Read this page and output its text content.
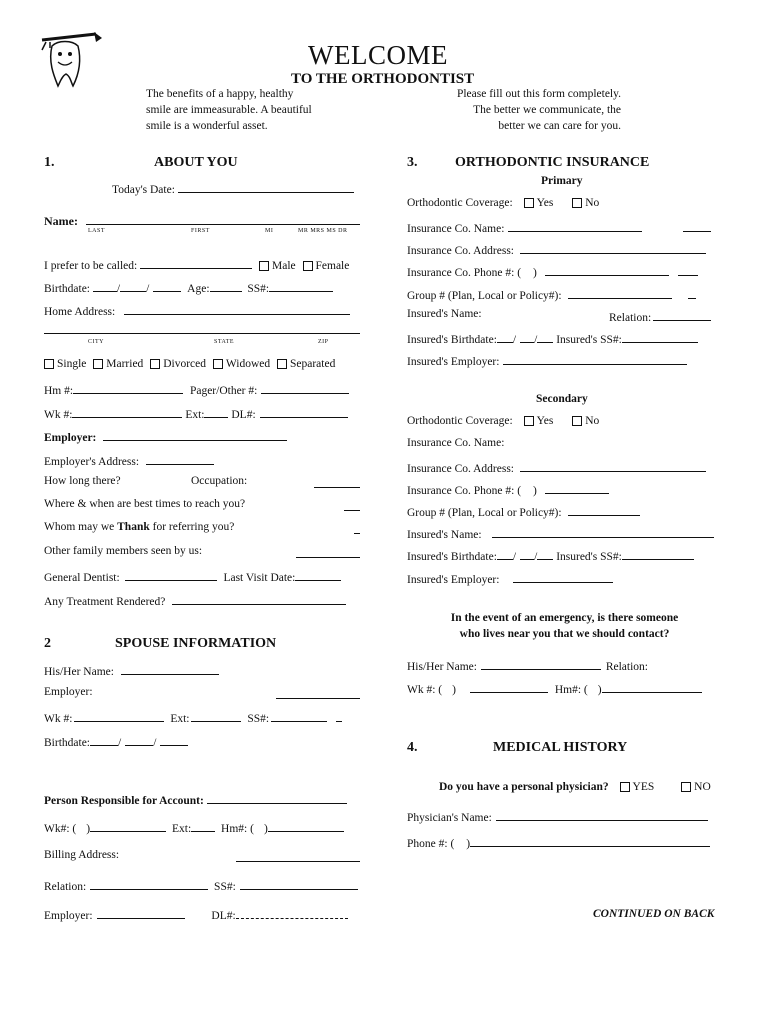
WELCOME
TO THE ORTHODONTIST
The benefits of a happy, healthy
smile are immeasurable. A beautiful
smile is a wonderful asset.
Please fill out this form completely.
The better we communicate, the
better we can care for you.
1.	ABOUT YOU
Today's Date:
Name:
LAST	FIRST	MI	MR MRS MS DR
I prefer to be called:	Male Female
Birthdate: / /	Age:	SS#:
Home Address:
CITY	STATE	ZIP
Single Married Divorced Widowed Separated
Hm #:	Pager/Other #:
Wk #:	Ext: DL#:
Employer:
Employer's Address:
How long there?	Occupation:
Where & when are best times to reach you?
Whom may we Thank for referring you?
Other family members seen by us:
General Dentist:	Last Visit Date:
Any Treatment Rendered?
2	SPOUSE INFORMATION
His/Her Name:
Employer:
Wk #:	Ext:	SS#:
Birthdate: /	/
Person Responsible for Account:
Wk#: ( )	Ext:	Hm#: ( )
Billing Address:
Relation:	SS#:
Employer:	DL#:
3.	ORTHODONTIC INSURANCE
Primary
Orthodontic Coverage: Yes	No
Insurance Co. Name:
Insurance Co. Address:
Insurance Co. Phone #: ( )
Group # (Plan, Local or Policy#):
Insured's Name:	Relation:
Insured's Birthdate: / / Insured's SS#:
Insured's Employer:
Secondary
Orthodontic Coverage: Yes	No
Insurance Co. Name:
Insurance Co. Address:
Insurance Co. Phone #: ( )
Group # (Plan, Local or Policy#):
Insured's Name:
Insured's Birthdate: / / Insured's SS#:
Insured's Employer:
In the event of an emergency, is there someone
who lives near you that we should contact?
His/Her Name:	Relation:
Wk #: ( )	Hm#: ( )
4.	MEDICAL HISTORY
Do you have a personal physician? YES	NO
Physician's Name:
Phone #: ( )
CONTINUED ON BACK
